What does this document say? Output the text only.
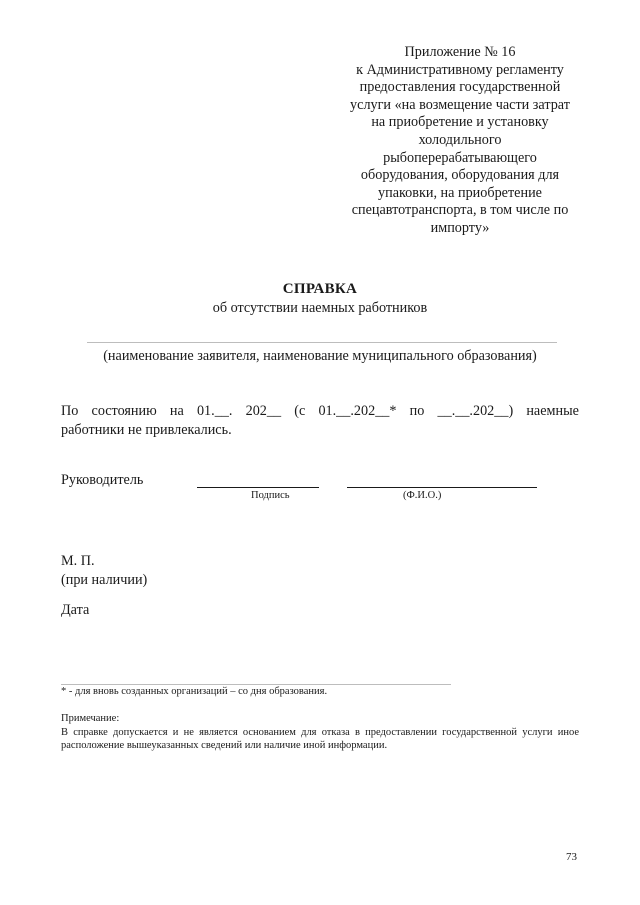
Приложение № 16
к Административному регламенту
предоставления государственной
услуги «на возмещение части затрат
на приобретение и установку
холодильного
рыбоперерабатывающего
оборудования, оборудования для
упаковки, на приобретение
спецавтотранспорта, в том числе по
импорту»
СПРАВКА
об отсутствии наемных работников
(наименование заявителя, наименование муниципального образования)
По состоянию на 01.__. 202__ (с 01.__.202__* по __.__.202__) наемные
работники не привлекались.
Руководитель
Подпись	(Ф.И.О.)
М. П.
(при наличии)
Дата
* - для вновь созданных организаций – со дня образования.
Примечание:
В справке допускается и не является основанием для отказа в предоставлении государственной услуги иное расположение вышеуказанных сведений или наличие иной информации.
73
